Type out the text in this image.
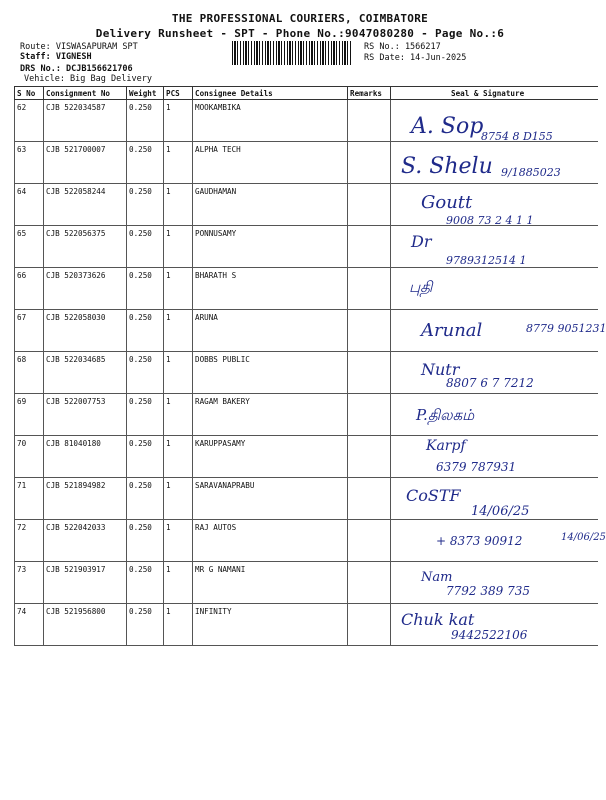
THE PROFESSIONAL COURIERS, COIMBATORE
Delivery Runsheet - SPT - Phone No.:9047080280 - Page No.:6
Route: VISWASAPURAM SPT
Staff: VIGNESH
DRS No.: DCJB156621706
Vehicle: Big Bag Delivery
RS No.: 1566217
RS Date: 14-Jun-2025
S No	Consignment No	Weight	PCS	Consignee Details	Remarks	Seal & Signature
62	CJB 522034587	0.250	1	MOOKAMBIKA		A. Sop
8754 8 D155

63	CJB 521700007	0.250	1	ALPHA TECH		S. Shelu 9/1885023

64	CJB 522058244	0.250	1	GAUDHAMAN		Goutt
9008 73 2 4 1 1

65	CJB 522056375	0.250	1	PONNUSAMY		Dr
9789312514 1

66	CJB 520373626	0.250	1	BHARATH S		புதி

67	CJB 522058030	0.250	1	ARUNA		Arunal 8779 9051231

68	CJB 522034685	0.250	1	DOBBS PUBLIC		Nutr
8807 6 7 7212

69	CJB 522007753	0.250	1	RAGAM BAKERY		P.திலகம்

70	CJB 81040180	0.250	1	KARUPPASAMY		Karpf
6379 787931

71	CJB 521894982	0.250	1	SARAVANAPRABU		CoSTF
14/06/25

72	CJB 522042033	0.250	1	RAJ AUTOS		+ 8373 90912 14/06/25

73	CJB 521903917	0.250	1	MR G NAMANI		Nam
7792 389 735

74	CJB 521956800	0.250	1	INFINITY		Chuk kat
9442522106
